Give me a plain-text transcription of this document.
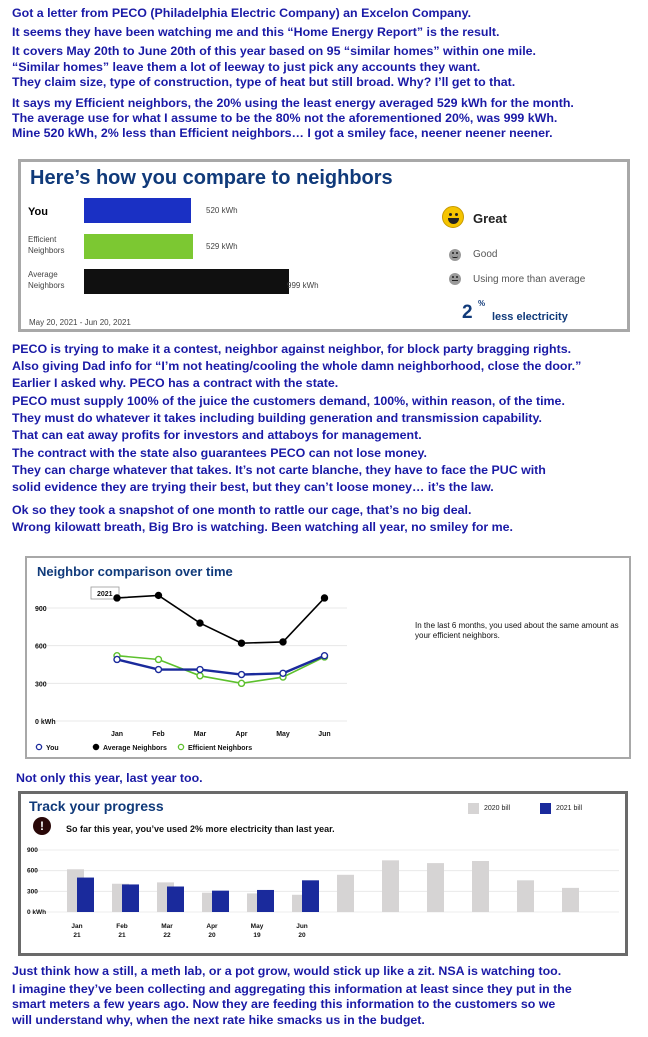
Got a letter from PECO (Philadelphia Electric Company) an Excelon Company.
It seems they have been watching me and this “Home Energy Report” is the result.
It covers May 20th to June 20th of this year based on 95 “similar homes” within one mile.
“Similar homes” leave them a lot of leeway to just pick any accounts they want.
They claim size, type of construction, type of heat but still broad. Why? I’ll get to that.
It says my Efficient neighbors, the 20% using the least energy averaged 529 kWh for the month.
The average use for what I assume to be the 80% not the aforementioned 20%, was 999 kWh.
Mine 520 kWh, 2% less than Efficient neighbors… I got a smiley face, neener neener neener.
Here’s how you compare to neighbors
You	520 kWh
Efficient
Neighbors	529 kWh
Average
Neighbors	999 kWh
May 20, 2021 - Jun 20, 2021
Great
Good
Using more than average
2 %
less electricity
PECO is trying to make it a contest, neighbor against neighbor, for block party bragging rights.
Also giving Dad info for “I’m not heating/cooling the whole damn neighborhood, close the door.”
Earlier I asked why. PECO has a contract with the state.
PECO must supply 100% of the juice the customers demand, 100%, within reason, of the time.
They must do whatever it takes including building generation and transmission capability.
That can eat away profits for investors and attaboys for management.
The contract with the state also guarantees PECO can not lose money.
They can charge whatever that takes. It’s not carte blanche, they have to face the PUC with
solid evidence they are trying their best, but they can’t loose money… it’s the law.
Ok so they took a snapshot of one month to rattle our cage, that’s no big deal.
Wrong kilowatt breath, Big Bro is watching. Been watching all year, no smiley for me.
Neighbor comparison over time
2021
0 kWh
300
600
900
Jan	Feb	Mar	Apr	May	Jun
You	Average Neighbors	Efficient Neighbors
In the last 6 months, you used about the same amount as your efficient neighbors.
Not only this year, last year too.
Track your progress	2020 bill	2021 bill
!	So far this year, you’ve used 2% more electricity than last year.
0 kWh
300
600
900
Jan
21
Feb
21
Mar
22
Apr
20
May
19
Jun
20
Just think how a still, a meth lab, or a pot grow, would stick up like a zit. NSA is watching too.
I imagine they’ve been collecting and aggregating this information at least since they put in the
smart meters a few years ago. Now they are feeding this information to the customers so we
will understand why, when the next rate hike smacks us in the budget.
